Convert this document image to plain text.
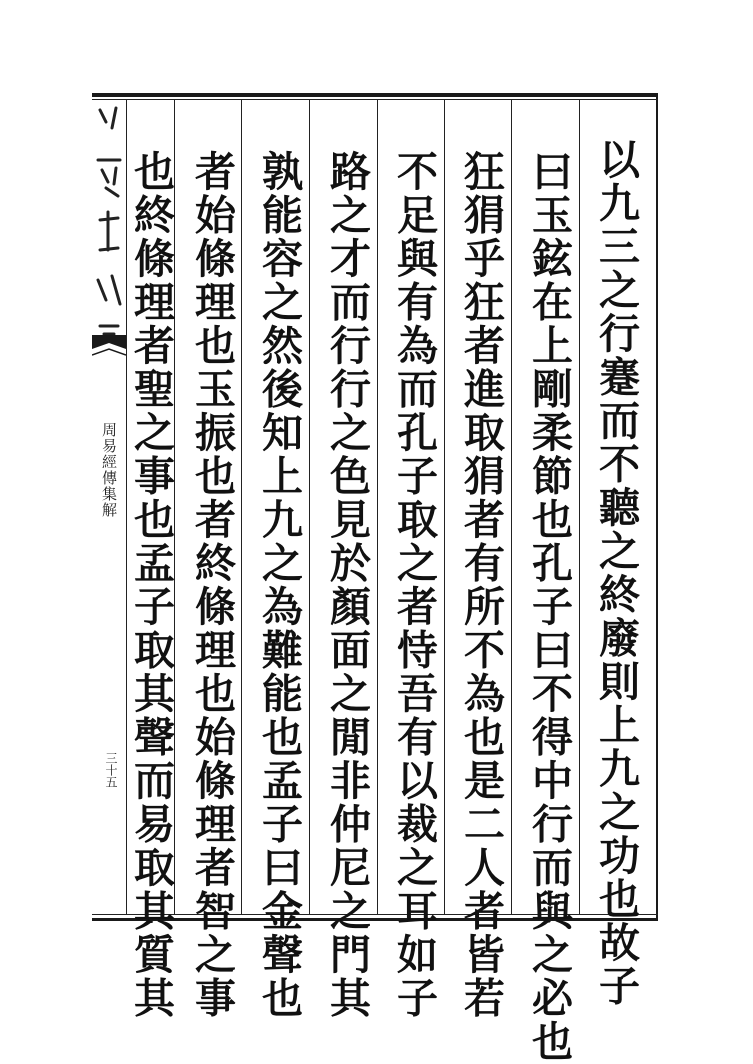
以九三之行蹇而不聽之終廢則上九之功也故子
曰玉鉉在上剛柔節也孔子曰不得中行而與之必也
狂狷乎狂者進取狷者有所不為也是二人者皆若
不足與有為而孔子取之者恃吾有以裁之耳如子
路之才而行行之色見於顏面之閒非仲尼之門其
孰能容之然後知上九之為難能也孟子曰金聲也
者始條理也玉振也者終條理也始條理者智之事
也終條理者聖之事也孟子取其聲而易取其質其
周易經傳集解
三十五
